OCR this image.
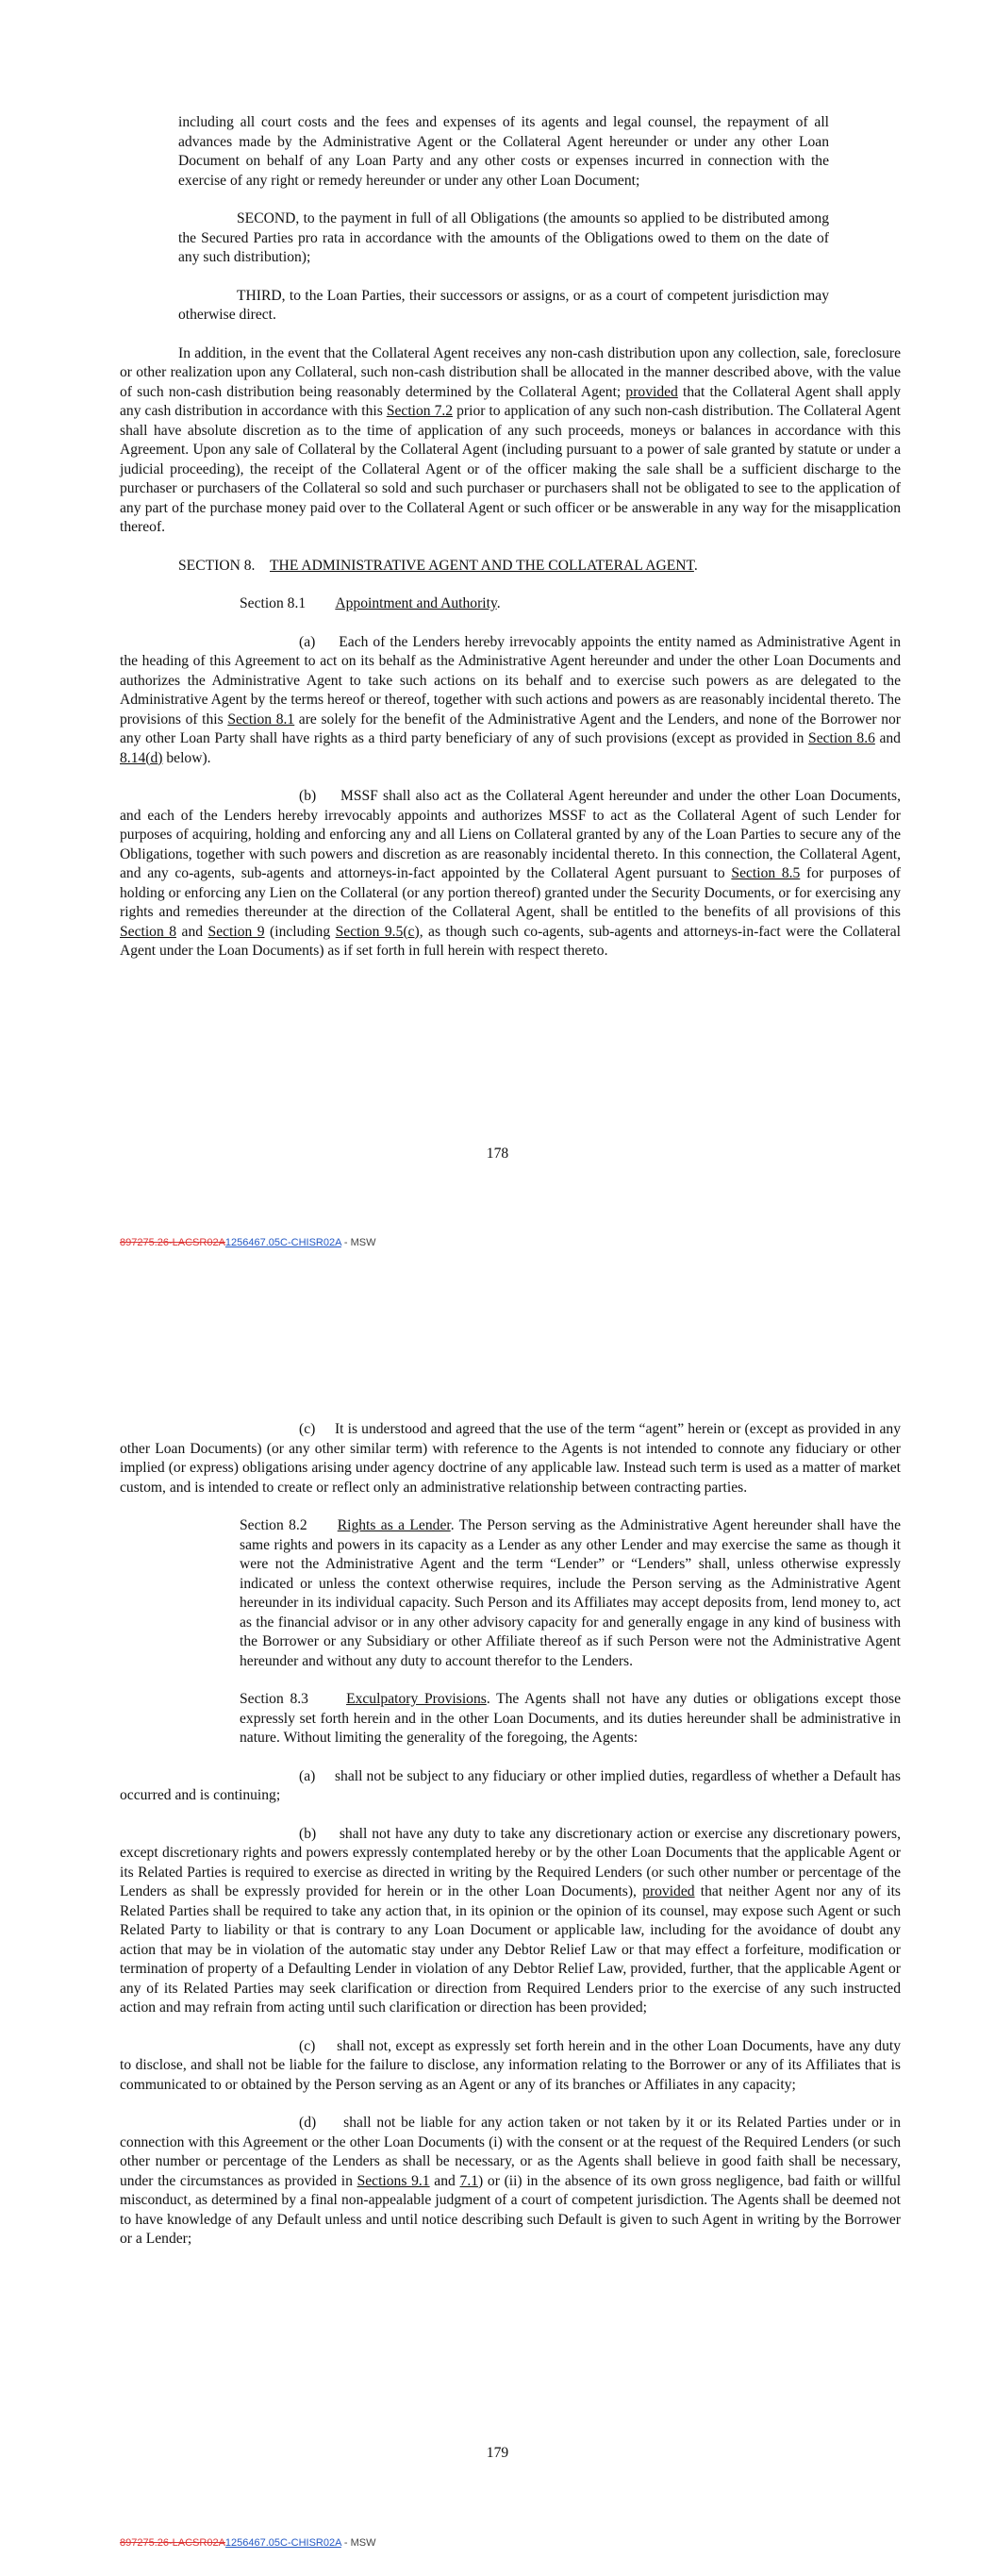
including all court costs and the fees and expenses of its agents and legal counsel, the repayment of all advances made by the Administrative Agent or the Collateral Agent hereunder or under any other Loan Document on behalf of any Loan Party and any other costs or expenses incurred in connection with the exercise of any right or remedy hereunder or under any other Loan Document;

SECOND, to the payment in full of all Obligations (the amounts so applied to be distributed among the Secured Parties pro rata in accordance with the amounts of the Obligations owed to them on the date of any such distribution);

THIRD, to the Loan Parties, their successors or assigns, or as a court of competent jurisdiction may otherwise direct.

In addition, in the event that the Collateral Agent receives any non-cash distribution upon any collection, sale, foreclosure or other realization upon any Collateral, such non-cash distribution shall be allocated in the manner described above, with the value of such non-cash distribution being reasonably determined by the Collateral Agent; provided that the Collateral Agent shall apply any cash distribution in accordance with this Section 7.2 prior to application of any such non-cash distribution. The Collateral Agent shall have absolute discretion as to the time of application of any such proceeds, moneys or balances in accordance with this Agreement. Upon any sale of Collateral by the Collateral Agent (including pursuant to a power of sale granted by statute or under a judicial proceeding), the receipt of the Collateral Agent or of the officer making the sale shall be a sufficient discharge to the purchaser or purchasers of the Collateral so sold and such purchaser or purchasers shall not be obligated to see to the application of any part of the purchase money paid over to the Collateral Agent or such officer or be answerable in any way for the misapplication thereof.

SECTION 8. THE ADMINISTRATIVE AGENT AND THE COLLATERAL AGENT.

Section 8.1 Appointment and Authority.

(a)     Each of the Lenders hereby irrevocably appoints the entity named as Administrative Agent in the heading of this Agreement to act on its behalf as the Administrative Agent hereunder and under the other Loan Documents and authorizes the Administrative Agent to take such actions on its behalf and to exercise such powers as are delegated to the Administrative Agent by the terms hereof or thereof, together with such actions and powers as are reasonably incidental thereto. The provisions of this Section 8.1 are solely for the benefit of the Administrative Agent and the Lenders, and none of the Borrower nor any other Loan Party shall have rights as a third party beneficiary of any of such provisions (except as provided in Section 8.6 and 8.14(d) below).

(b)     MSSF shall also act as the Collateral Agent hereunder and under the other Loan Documents, and each of the Lenders hereby irrevocably appoints and authorizes MSSF to act as the Collateral Agent of such Lender for purposes of acquiring, holding and enforcing any and all Liens on Collateral granted by any of the Loan Parties to secure any of the Obligations, together with such powers and discretion as are reasonably incidental thereto. In this connection, the Collateral Agent, and any co-agents, sub-agents and attorneys-in-fact appointed by the Collateral Agent pursuant to Section 8.5 for purposes of holding or enforcing any Lien on the Collateral (or any portion thereof) granted under the Security Documents, or for exercising any rights and remedies thereunder at the direction of the Collateral Agent, shall be entitled to the benefits of all provisions of this Section 8 and Section 9 (including Section 9.5(c), as though such co-agents, sub-agents and attorneys-in-fact were the Collateral Agent under the Loan Documents) as if set forth in full herein with respect thereto.

178
897275.26-LACSR02A1256467.05C-CHISR02A - MSW

(c)     It is understood and agreed that the use of the term “agent” herein or (except as provided in any other Loan Documents) (or any other similar term) with reference to the Agents is not intended to connote any fiduciary or other implied (or express) obligations arising under agency doctrine of any applicable law. Instead such term is used as a matter of market custom, and is intended to create or reflect only an administrative relationship between contracting parties.

Section 8.2 Rights as a Lender. The Person serving as the Administrative Agent hereunder shall have the same rights and powers in its capacity as a Lender as any other Lender and may exercise the same as though it were not the Administrative Agent and the term “Lender” or “Lenders” shall, unless otherwise expressly indicated or unless the context otherwise requires, include the Person serving as the Administrative Agent hereunder in its individual capacity. Such Person and its Affiliates may accept deposits from, lend money to, act as the financial advisor or in any other advisory capacity for and generally engage in any kind of business with the Borrower or any Subsidiary or other Affiliate thereof as if such Person were not the Administrative Agent hereunder and without any duty to account therefor to the Lenders.

Section 8.3	Exculpatory Provisions. The Agents shall not have any duties or obligations except those expressly set forth herein and in the other Loan Documents, and its duties hereunder shall be administrative in nature. Without limiting the generality of the foregoing, the Agents:

(a)     shall not be subject to any fiduciary or other implied duties, regardless of whether a Default has occurred and is continuing;

(b)     shall not have any duty to take any discretionary action or exercise any discretionary powers, except discretionary rights and powers expressly contemplated hereby or by the other Loan Documents that the applicable Agent or its Related Parties is required to exercise as directed in writing by the Required Lenders (or such other number or percentage of the Lenders as shall be expressly provided for herein or in the other Loan Documents), provided that neither Agent nor any of its Related Parties shall be required to take any action that, in its opinion or the opinion of its counsel, may expose such Agent or such Related Party to liability or that is contrary to any Loan Document or applicable law, including for the avoidance of doubt any action that may be in violation of the automatic stay under any Debtor Relief Law or that may effect a forfeiture, modification or termination of property of a Defaulting Lender in violation of any Debtor Relief Law, provided, further, that the applicable Agent or any of its Related Parties may seek clarification or direction from Required Lenders prior to the exercise of any such instructed action and may refrain from acting until such clarification or direction has been provided;

(c)     shall not, except as expressly set forth herein and in the other Loan Documents, have any duty to disclose, and shall not be liable for the failure to disclose, any information relating to the Borrower or any of its Affiliates that is communicated to or obtained by the Person serving as an Agent or any of its branches or Affiliates in any capacity;

(d)     shall not be liable for any action taken or not taken by it or its Related Parties under or in connection with this Agreement or the other Loan Documents (i) with the consent or at the request of the Required Lenders (or such other number or percentage of the Lenders as shall be necessary, or as the Agents shall believe in good faith shall be necessary, under the circumstances as provided in Sections 9.1 and 7.1) or (ii) in the absence of its own gross negligence, bad faith or willful misconduct, as determined by a final non-appealable judgment of a court of competent jurisdiction. The Agents shall be deemed not to have knowledge of any Default unless and until notice describing such Default is given to such Agent in writing by the Borrower or a Lender;

179
897275.26-LACSR02A1256467.05C-CHISR02A - MSW
